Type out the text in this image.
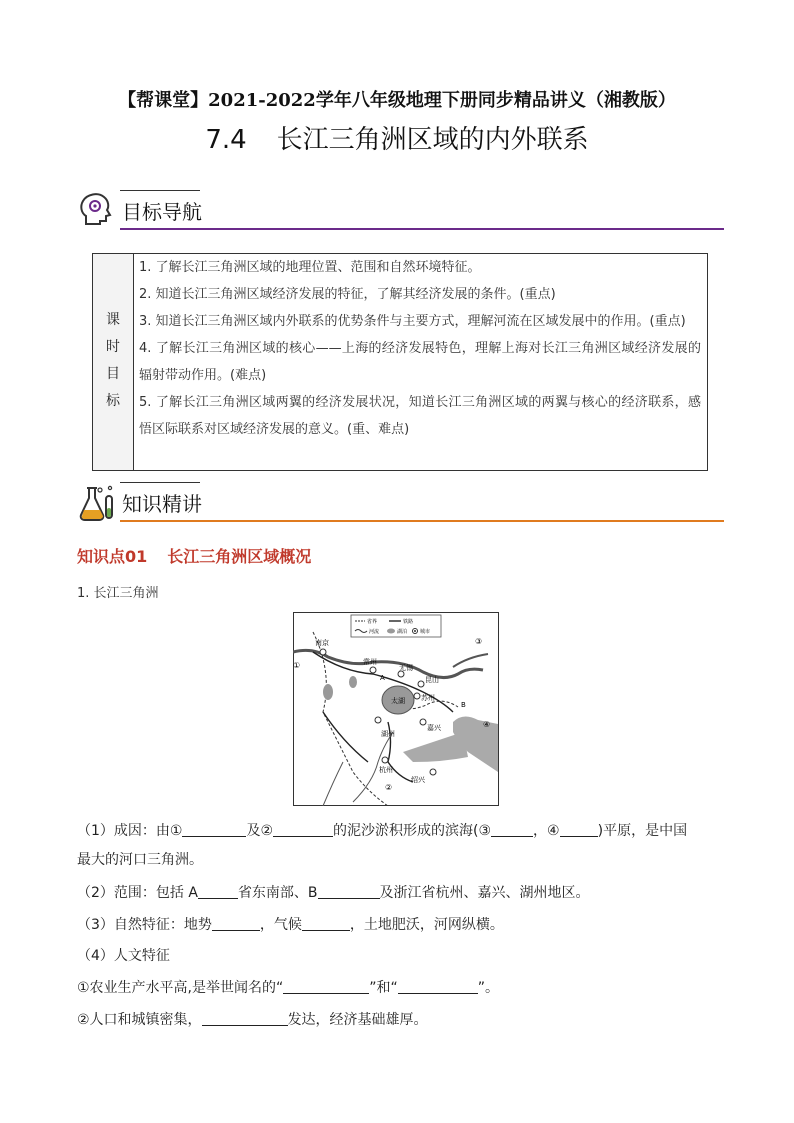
【帮课堂】2021-2022学年八年级地理下册同步精品讲义（湘教版）
7.4 长江三角洲区域的内外联系
目标导航
课
时
目
标

1. 了解长江三角洲区域的地理位置、范围和自然环境特征。

2. 知道长江三角洲区域经济发展的特征，了解其经济发展的条件。(重点)

3. 知道长江三角洲区域内外联系的优势条件与主要方式，理解河流在区域发展中的作用。(重点)

4. 了解长江三角洲区域的核心——上海的经济发展特色，理解上海对长江三角洲区域经济发展的辐射带动作用。(难点)

5. 了解长江三角洲区域两翼的经济发展状况，知道长江三角洲区域的两翼与核心的经济联系，感悟区际联系对区域经济发展的意义。(重、难点)

知识精讲
知识点01 长江三角洲区域概况
1. 长江三角洲
省界	铁路
河流	湖泊	城市
南京
常州
无锡
昆山
苏州
太湖
湖州
嘉兴
杭州
绍兴
①
②
③
④
A
B
（1）成因：由①	及②	的泥沙淤积形成的滨海(③	，④	)平原，是中国
最大的河口三角洲。
（2）范围：包括 A	省东南部、B	及浙江省杭州、嘉兴、湖州地区。
（3）自然特征：地势	，气候	，土地肥沃，河网纵横。
（4）人文特征
①农业生产水平高,是举世闻名的“	”和“	”。
②人口和城镇密集，	发达，经济基础雄厚。
